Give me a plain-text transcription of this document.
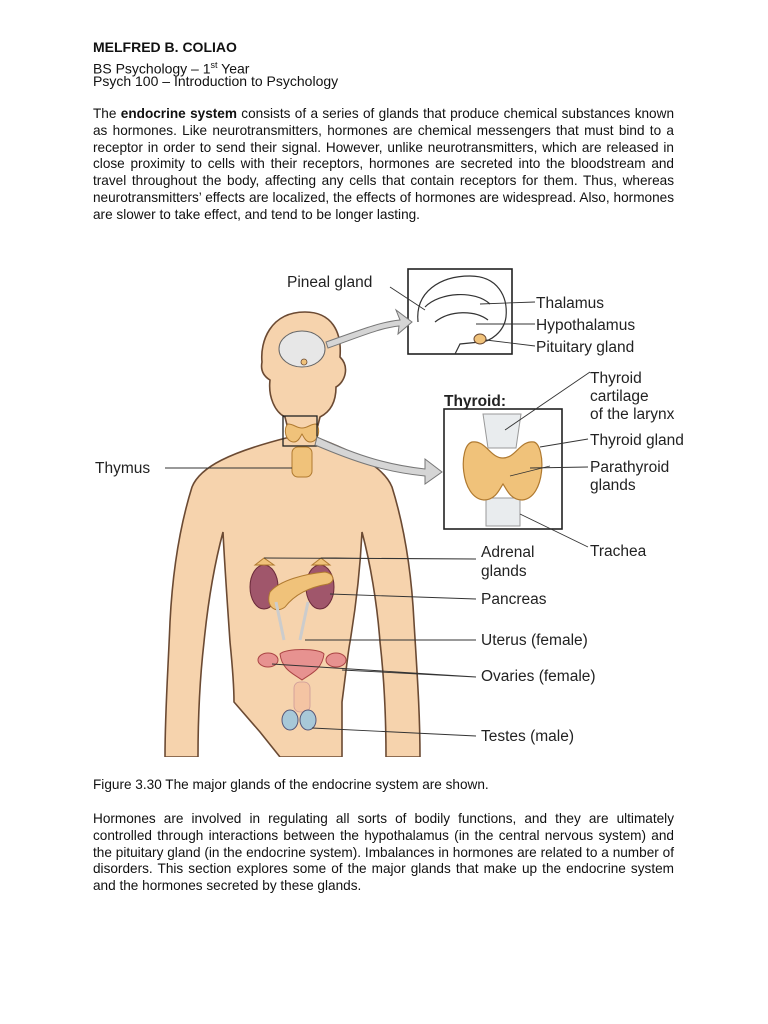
MELFRED B. COLIAO
BS Psychology – 1st Year
Psych 100 – Introduction to Psychology
The endocrine system consists of a series of glands that produce chemical substances known as hormones. Like neurotransmitters, hormones are chemical messengers that must bind to a receptor in order to send their signal. However, unlike neurotransmitters, which are released in close proximity to cells with their receptors, hormones are secreted into the bloodstream and travel throughout the body, affecting any cells that contain receptors for them. Thus, whereas neurotransmitters’ effects are localized, the effects of hormones are widespread. Also, hormones are slower to take effect, and tend to be longer lasting.
Pineal gland
Thalamus
Hypothalamus
Pituitary gland
Thyroid:
Thyroid
cartilage
of the larynx
Thyroid gland
Parathyroid
glands
Trachea
Thymus
Adrenal
glands
Pancreas
Uterus (female)
Ovaries (female)
Testes (male)
Figure 3.30 The major glands of the endocrine system are shown.
Hormones are involved in regulating all sorts of bodily functions, and they are ultimately controlled through interactions between the hypothalamus (in the central nervous system) and the pituitary gland (in the endocrine system). Imbalances in hormones are related to a number of disorders. This section explores some of the major glands that make up the endocrine system and the hormones secreted by these glands.
